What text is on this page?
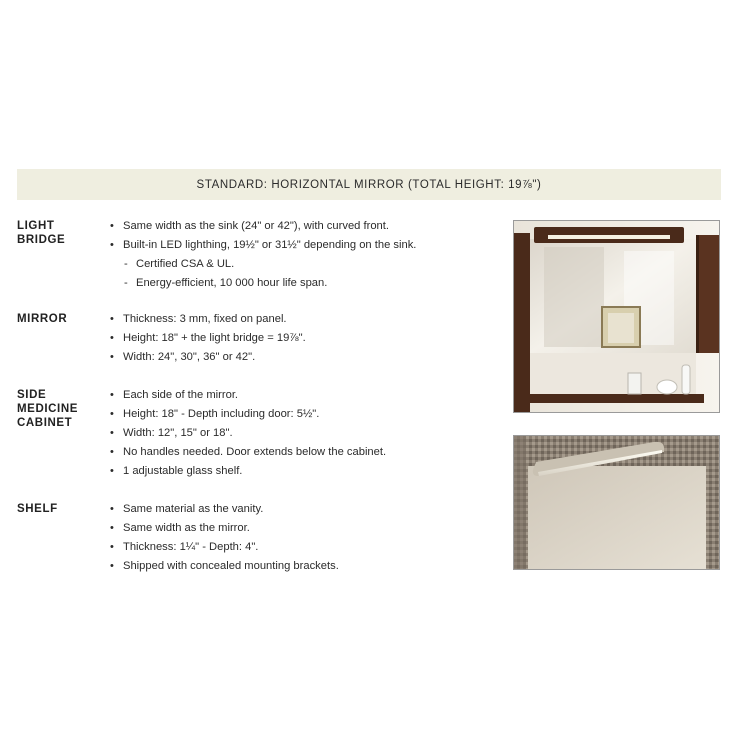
STANDARD: HORIZONTAL MIRROR (TOTAL HEIGHT: 19⅞")
LIGHT
BRIDGE
• Same width as the sink (24" or 42"), with curved front.
• Built-in LED lighthing, 19½" or 31½" depending on the sink.
- Certified CSA & UL.
- Energy-efficient, 10 000 hour life span.
MIRROR	• Thickness: 3 mm, fixed on panel.
• Height: 18" + the light bridge = 19⅞".
• Width: 24", 30", 36" or 42".
SIDE
MEDICINE
CABINET
• Each side of the mirror.
• Height: 18" - Depth including door: 5½".
• Width: 12", 15" or 18".
• No handles needed. Door extends below the cabinet.
• 1 adjustable glass shelf.
SHELF	• Same material as the vanity.
• Same width as the mirror.
• Thickness: 1¼" - Depth: 4".
• Shipped with concealed mounting brackets.
